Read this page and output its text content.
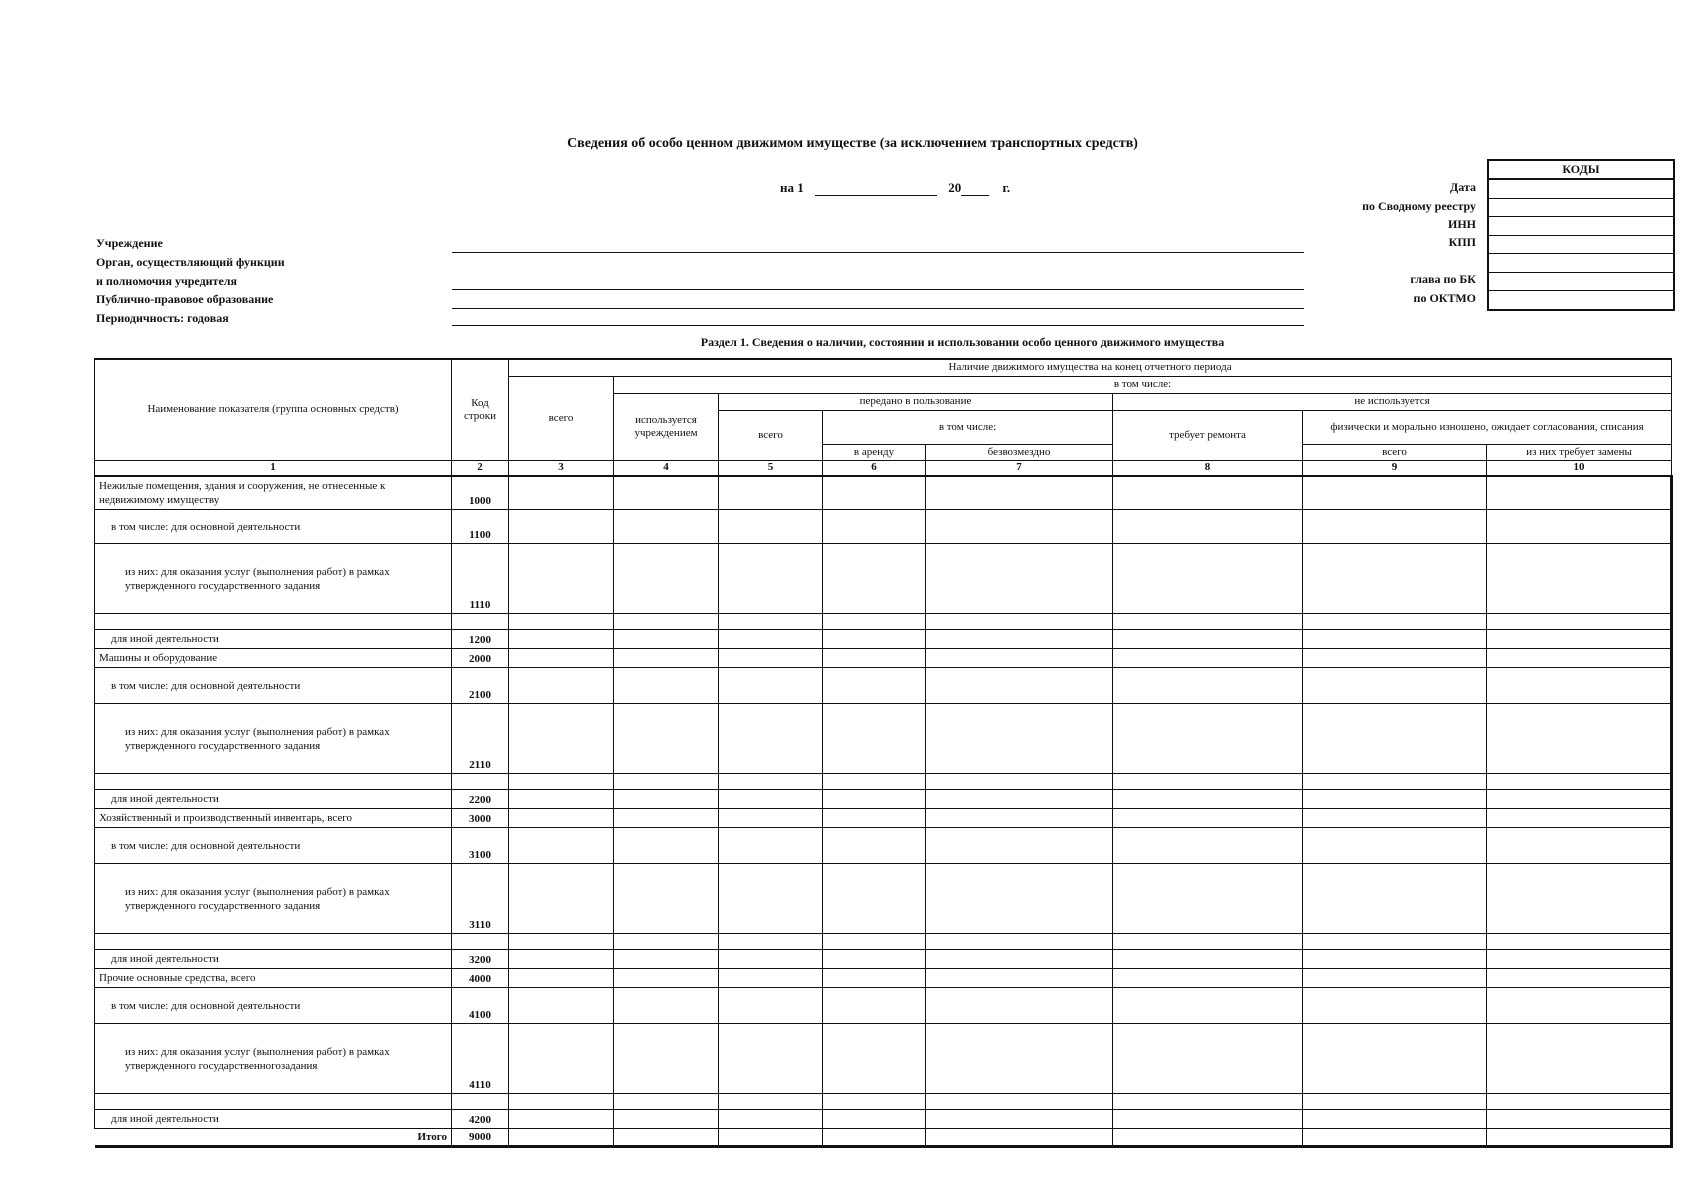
Сведения об особо ценном движимом имуществе (за исключением транспортных средств)
на 1	20	г.
Учреждение
Орган, осуществляющий функции
и полномочия учредителя
Публично-правовое образование
Периодичность: годовая
Дата
по Сводному реестру
ИНН
КПП
глава по БК
по ОКТМО
КОДЫ
Раздел 1. Сведения о наличии, состоянии и использовании особо ценного движимого имущества
Наименование показателя (группа основных средств)	Код строки	Наличие движимого имущества на конец отчетного периода							
		всего	в том числе:						
			используется учреждением	передано в пользование			не используется		
				всего	в том числе:		требует ремонта	физически и морально изношено, ожидает согласования, списания	
					в аренду	безвозмездно		всего	из них требует замены
1	2	3	4	5	6	7	8	9	10
Нежилые помещения, здания и сооружения, не отнесенные к недвижимому имуществу	1000								
в том числе: для основной деятельности	1100								
из них: для оказания услуг (выполнения работ) в рамках утвержденного государственного задания	1110								

для иной деятельности	1200								
Машины и оборудование	2000								
в том числе: для основной деятельности	2100								
из них: для оказания услуг (выполнения работ) в рамках утвержденного государственного задания	2110								

для иной деятельности	2200								
Хозяйственный и производственный инвентарь, всего	3000								
в том числе: для основной деятельности	3100								
из них: для оказания услуг (выполнения работ) в рамках утвержденного государственного задания	3110								

для иной деятельности	3200								
Прочие основные средства, всего	4000								
в том числе: для основной деятельности	4100								
из них: для оказания услуг (выполнения работ) в рамках утвержденного государственногозадания	4110								

для иной деятельности	4200								
Итого	9000								
